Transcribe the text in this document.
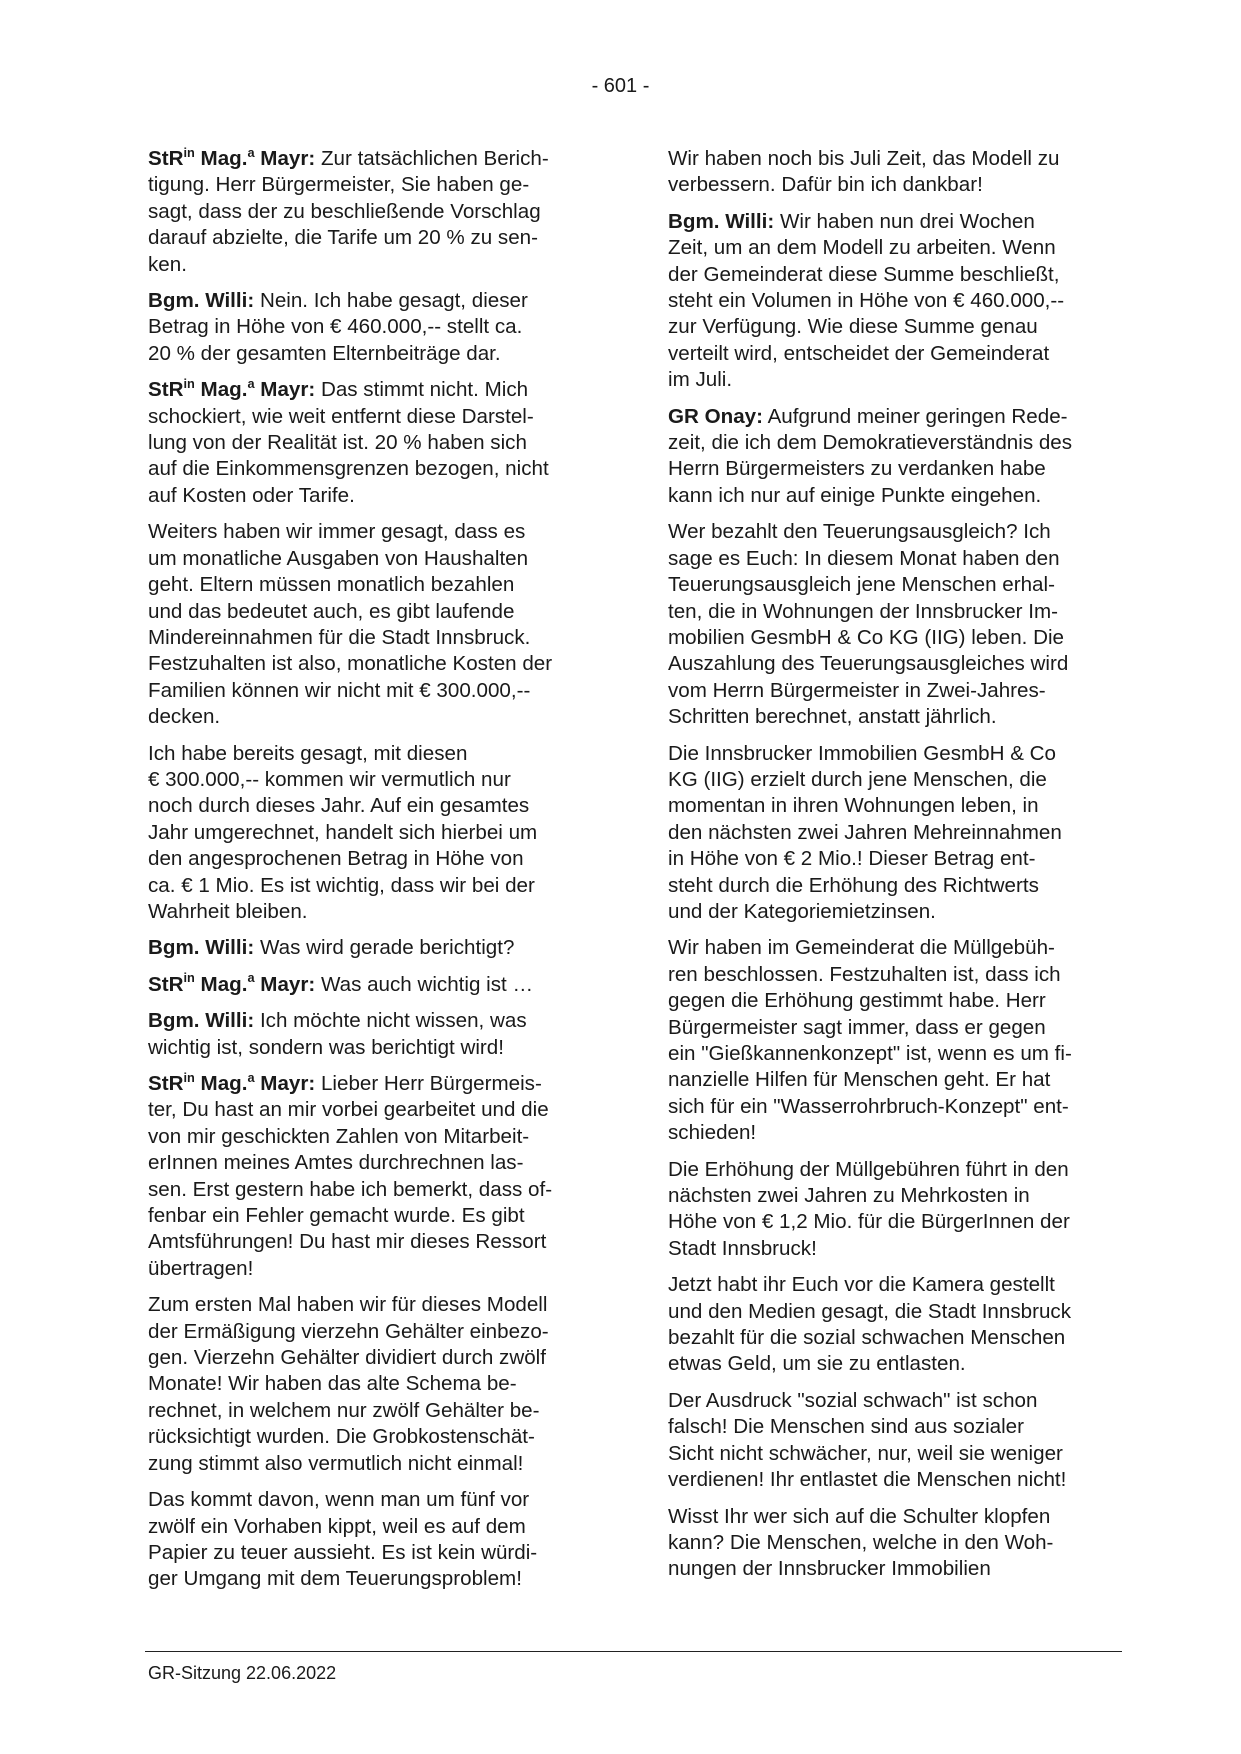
- 601 -

StR$^{in}$ Mag.$^a$ Mayr: Zur tatsächlichen Berich-
tigung. Herr Bürgermeister, Sie haben ge-
sagt, dass der zu beschließende Vorschlag
darauf abzielte, die Tarife um 20 % zu sen-
ken.

Bgm. Willi: Nein. Ich habe gesagt, dieser
Betrag in Höhe von € 460.000,-- stellt ca.
20 % der gesamten Elternbeiträge dar.

StR$^{in}$ Mag.$^a$ Mayr: Das stimmt nicht. Mich
schockiert, wie weit entfernt diese Darstel-
lung von der Realität ist. 20 % haben sich
auf die Einkommensgrenzen bezogen, nicht
auf Kosten oder Tarife.

Weiters haben wir immer gesagt, dass es
um monatliche Ausgaben von Haushalten
geht. Eltern müssen monatlich bezahlen
und das bedeutet auch, es gibt laufende
Mindereinnahmen für die Stadt Innsbruck.
Festzuhalten ist also, monatliche Kosten der
Familien können wir nicht mit € 300.000,--
decken.

Ich habe bereits gesagt, mit diesen
€ 300.000,-- kommen wir vermutlich nur
noch durch dieses Jahr. Auf ein gesamtes
Jahr umgerechnet, handelt sich hierbei um
den angesprochenen Betrag in Höhe von
ca. € 1 Mio. Es ist wichtig, dass wir bei der
Wahrheit bleiben.

Bgm. Willi: Was wird gerade berichtigt?

StR$^{in}$ Mag.$^a$ Mayr: Was auch wichtig ist …

Bgm. Willi: Ich möchte nicht wissen, was
wichtig ist, sondern was berichtigt wird!

StR$^{in}$ Mag.$^a$ Mayr: Lieber Herr Bürgermeis-
ter, Du hast an mir vorbei gearbeitet und die
von mir geschickten Zahlen von Mitarbeit-
erInnen meines Amtes durchrechnen las-
sen. Erst gestern habe ich bemerkt, dass of-
fenbar ein Fehler gemacht wurde. Es gibt
Amtsführungen! Du hast mir dieses Ressort
übertragen!

Zum ersten Mal haben wir für dieses Modell
der Ermäßigung vierzehn Gehälter einbezo-
gen. Vierzehn Gehälter dividiert durch zwölf
Monate! Wir haben das alte Schema be-
rechnet, in welchem nur zwölf Gehälter be-
rücksichtigt wurden. Die Grobkostenschät-
zung stimmt also vermutlich nicht einmal!

Das kommt davon, wenn man um fünf vor
zwölf ein Vorhaben kippt, weil es auf dem
Papier zu teuer aussieht. Es ist kein würdi-
ger Umgang mit dem Teuerungsproblem!

Wir haben noch bis Juli Zeit, das Modell zu
verbessern. Dafür bin ich dankbar!

Bgm. Willi: Wir haben nun drei Wochen
Zeit, um an dem Modell zu arbeiten. Wenn
der Gemeinderat diese Summe beschließt,
steht ein Volumen in Höhe von € 460.000,--
zur Verfügung. Wie diese Summe genau
verteilt wird, entscheidet der Gemeinderat
im Juli.

GR Onay: Aufgrund meiner geringen Rede-
zeit, die ich dem Demokratieverständnis des
Herrn Bürgermeisters zu verdanken habe
kann ich nur auf einige Punkte eingehen.

Wer bezahlt den Teuerungsausgleich? Ich
sage es Euch: In diesem Monat haben den
Teuerungsausgleich jene Menschen erhal-
ten, die in Wohnungen der Innsbrucker Im-
mobilien GesmbH & Co KG (IIG) leben. Die
Auszahlung des Teuerungsausgleiches wird
vom Herrn Bürgermeister in Zwei-Jahres-
Schritten berechnet, anstatt jährlich.

Die Innsbrucker Immobilien GesmbH & Co
KG (IIG) erzielt durch jene Menschen, die
momentan in ihren Wohnungen leben, in
den nächsten zwei Jahren Mehreinnahmen
in Höhe von € 2 Mio.! Dieser Betrag ent-
steht durch die Erhöhung des Richtwerts
und der Kategoriemietzinsen.

Wir haben im Gemeinderat die Müllgebüh-
ren beschlossen. Festzuhalten ist, dass ich
gegen die Erhöhung gestimmt habe. Herr
Bürgermeister sagt immer, dass er gegen
ein "Gießkannenkonzept" ist, wenn es um fi-
nanzielle Hilfen für Menschen geht. Er hat
sich für ein "Wasserrohrbruch-Konzept" ent-
schieden!

Die Erhöhung der Müllgebühren führt in den
nächsten zwei Jahren zu Mehrkosten in
Höhe von € 1,2 Mio. für die BürgerInnen der
Stadt Innsbruck!

Jetzt habt ihr Euch vor die Kamera gestellt
und den Medien gesagt, die Stadt Innsbruck
bezahlt für die sozial schwachen Menschen
etwas Geld, um sie zu entlasten.

Der Ausdruck "sozial schwach" ist schon
falsch! Die Menschen sind aus sozialer
Sicht nicht schwächer, nur, weil sie weniger
verdienen! Ihr entlastet die Menschen nicht!

Wisst Ihr wer sich auf die Schulter klopfen
kann? Die Menschen, welche in den Woh-
nungen der Innsbrucker Immobilien

GR-Sitzung 22.06.2022
